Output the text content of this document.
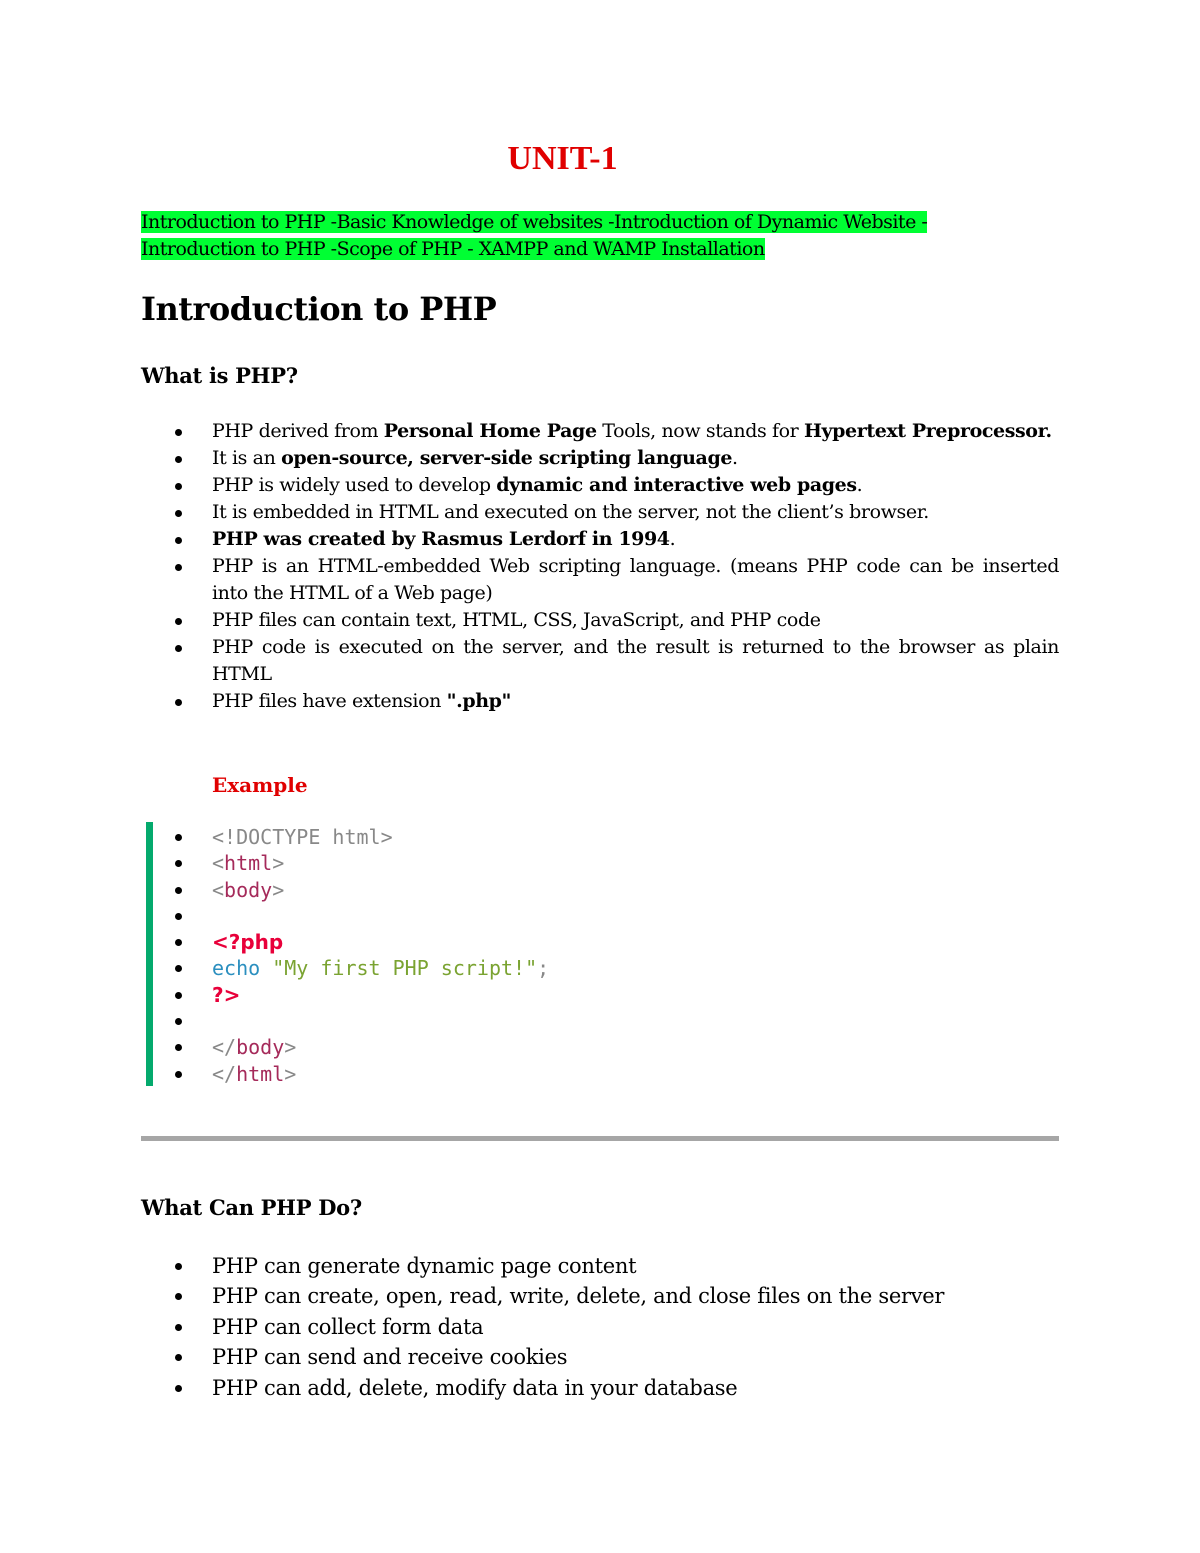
UNIT-1
Introduction to PHP -Basic Knowledge of websites -Introduction of Dynamic Website -
Introduction to PHP -Scope of PHP - XAMPP and WAMP Installation
Introduction to PHP
What is PHP?
PHP derived from Personal Home Page Tools, now stands for Hypertext Preprocessor.
It is an open-source, server-side scripting language.
PHP is widely used to develop dynamic and interactive web pages.
It is embedded in HTML and executed on the server, not the client’s browser.
PHP was created by Rasmus Lerdorf in 1994.
PHP is an HTML-embedded Web scripting language. (means PHP code can be inserted into the HTML of a Web page)
PHP files can contain text, HTML, CSS, JavaScript, and PHP code
PHP code is executed on the server, and the result is returned to the browser as plain HTML
PHP files have extension ".php"

Example

<!DOCTYPE html>
<html>
<body>
<?php
echo "My first PHP script!";
?>
</body>
</html>
What Can PHP Do?
PHP can generate dynamic page content
PHP can create, open, read, write, delete, and close files on the server
PHP can collect form data
PHP can send and receive cookies
PHP can add, delete, modify data in your database
